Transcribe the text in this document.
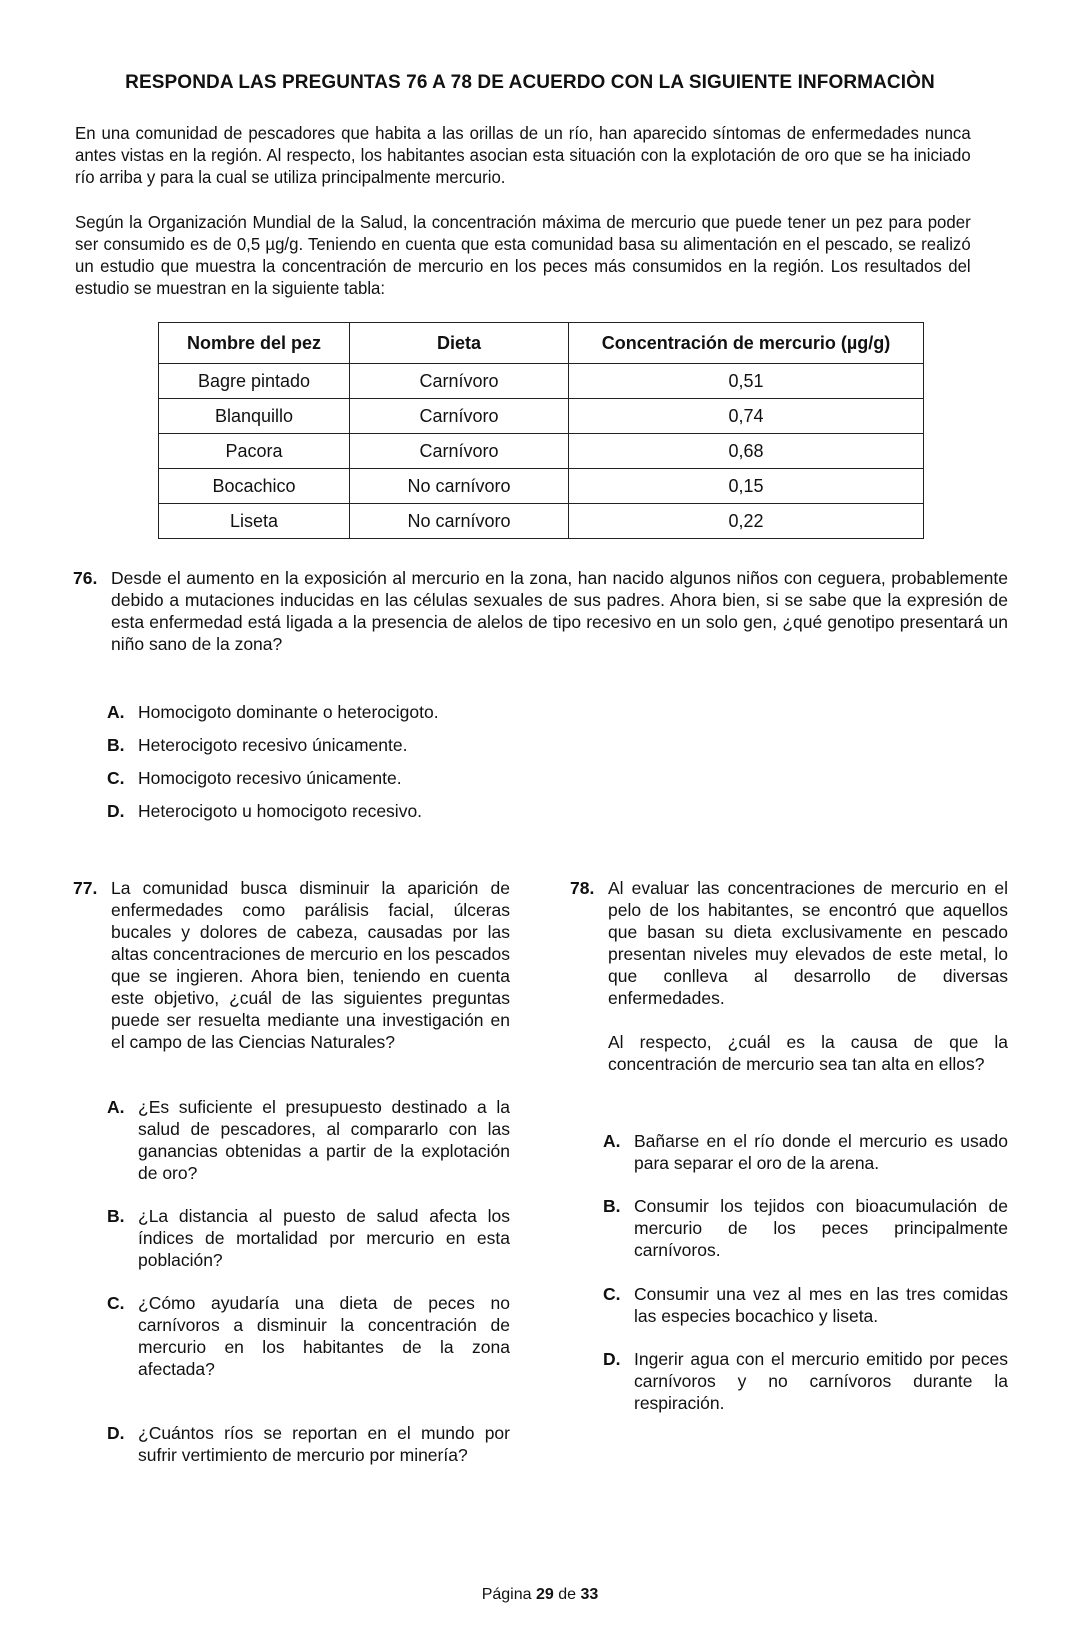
RESPONDA LAS PREGUNTAS 76 A 78 DE ACUERDO CON LA SIGUIENTE INFORMACIÒN
En una comunidad de pescadores que habita a las orillas de un río, han aparecido síntomas de enfermedades nunca antes vistas en la región. Al respecto, los habitantes asocian esta situación con la explotación de oro que se ha iniciado río arriba y para la cual se utiliza principalmente mercurio.
Según la Organización Mundial de la Salud, la concentración máxima de mercurio que puede tener un pez para poder ser consumido es de 0,5 µg/g. Teniendo en cuenta que esta comunidad basa su alimentación en el pescado, se realizó un estudio que muestra la concentración de mercurio en los peces más consumidos en la región. Los resultados del estudio se muestran en la siguiente tabla:
Nombre del pez	Dieta	Concentración de mercurio (µg/g)
Bagre pintado	Carnívoro	0,51
Blanquillo	Carnívoro	0,74
Pacora	Carnívoro	0,68
Bocachico	No carnívoro	0,15
Liseta	No carnívoro	0,22
76. Desde el aumento en la exposición al mercurio en la zona, han nacido algunos niños con ceguera, probablemente debido a mutaciones inducidas en las células sexuales de sus padres. Ahora bien, si se sabe que la expresión de esta enfermedad está ligada a la presencia de alelos de tipo recesivo en un solo gen, ¿qué genotipo presentará un niño sano de la zona?
A. Homocigoto dominante o heterocigoto.
B. Heterocigoto recesivo únicamente.
C. Homocigoto recesivo únicamente.
D. Heterocigoto u homocigoto recesivo.
77. La comunidad busca disminuir la aparición de enfermedades como parálisis facial, úlceras bucales y dolores de cabeza, causadas por las altas concentraciones de mercurio en los pescados que se ingieren. Ahora bien, teniendo en cuenta este objetivo, ¿cuál de las siguientes preguntas puede ser resuelta mediante una investigación en el campo de las Ciencias Naturales?
A. ¿Es suficiente el presupuesto destinado a la salud de pescadores, al compararlo con las ganancias obtenidas a partir de la explotación de oro?
B. ¿La distancia al puesto de salud afecta los índices de mortalidad por mercurio en esta población?
C. ¿Cómo ayudaría una dieta de peces no carnívoros a disminuir la concentración de mercurio en los habitantes de la zona afectada?
D. ¿Cuántos ríos se reportan en el mundo por sufrir vertimiento de mercurio por minería?
78. Al evaluar las concentraciones de mercurio en el pelo de los habitantes, se encontró que aquellos que basan su dieta exclusivamente en pescado presentan niveles muy elevados de este metal, lo que conlleva al desarrollo de diversas enfermedades.
Al respecto, ¿cuál es la causa de que la concentración de mercurio sea tan alta en ellos?
A. Bañarse en el río donde el mercurio es usado para separar el oro de la arena.
B. Consumir los tejidos con bioacumulación de mercurio de los peces principalmente carnívoros.
C. Consumir una vez al mes en las tres comidas las especies bocachico y liseta.
D. Ingerir agua con el mercurio emitido por peces carnívoros y no carnívoros durante la respiración.
Página 29 de 33
